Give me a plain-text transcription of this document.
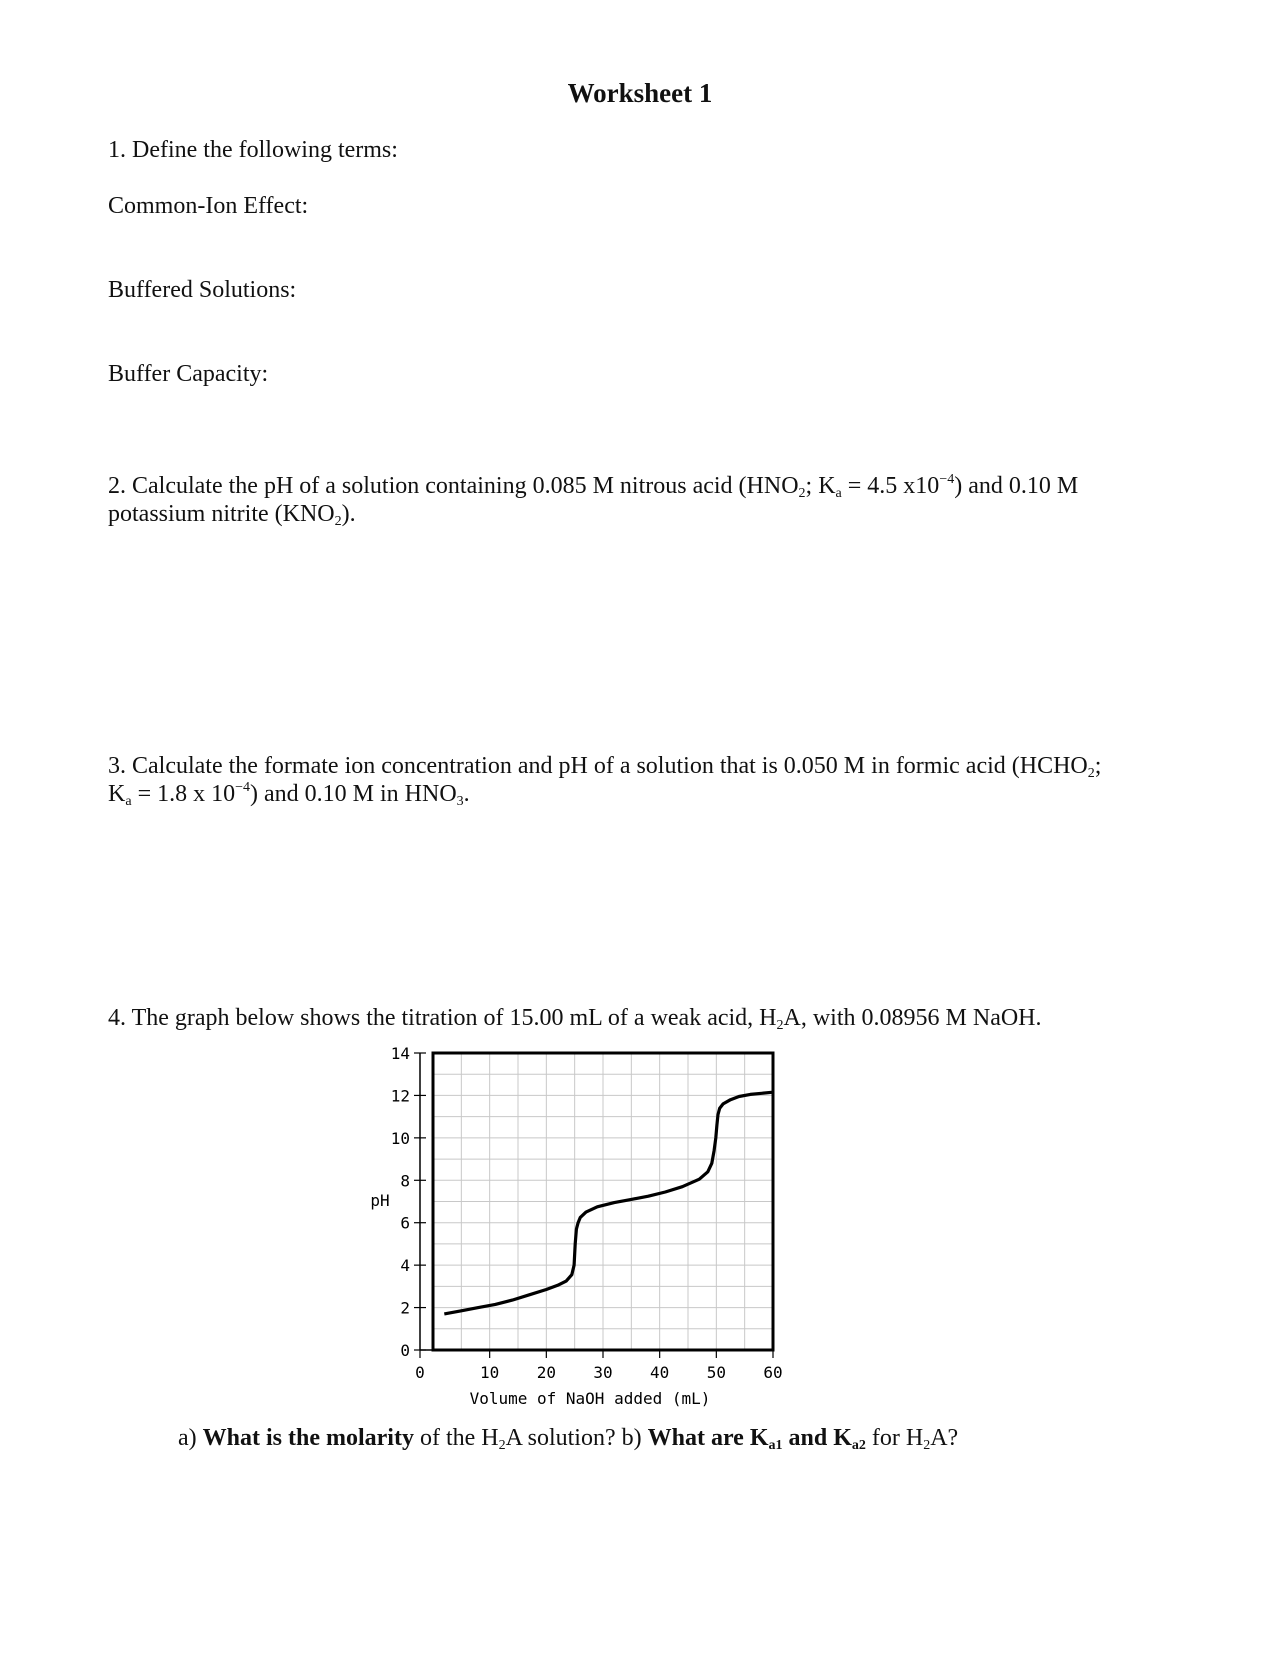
Worksheet 1
1. Define the following terms:
Common-Ion Effect:
Buffered Solutions:
Buffer Capacity:
2. Calculate the pH of a solution containing 0.085 M nitrous acid ($HNO_2$; $K_a = 4.5$ $x10^{-4}$) and 0.10 M
potassium nitrite $(KNO_2)$.
3. Calculate the formate ion concentration and pH of a solution that is 0.050 M in formic acid ($HCHO_2$;
$K_a = 1.8$ x $10^{-4}$) and 0.10 M in $HNO_3$.
4. The graph below shows the titration of 15.00 mL of a weak acid, $H_2A$, with 0.08956 M NaOH.
0
2
4
6
8
10
12
14
0	10 20 30 40 50 60
pH
Volume of NaOH added (mL)
a) What is the molarity of the $H_2A$ solution? b) What are $K_{a1}$ and $K_{a2}$ for $H_2A$?
